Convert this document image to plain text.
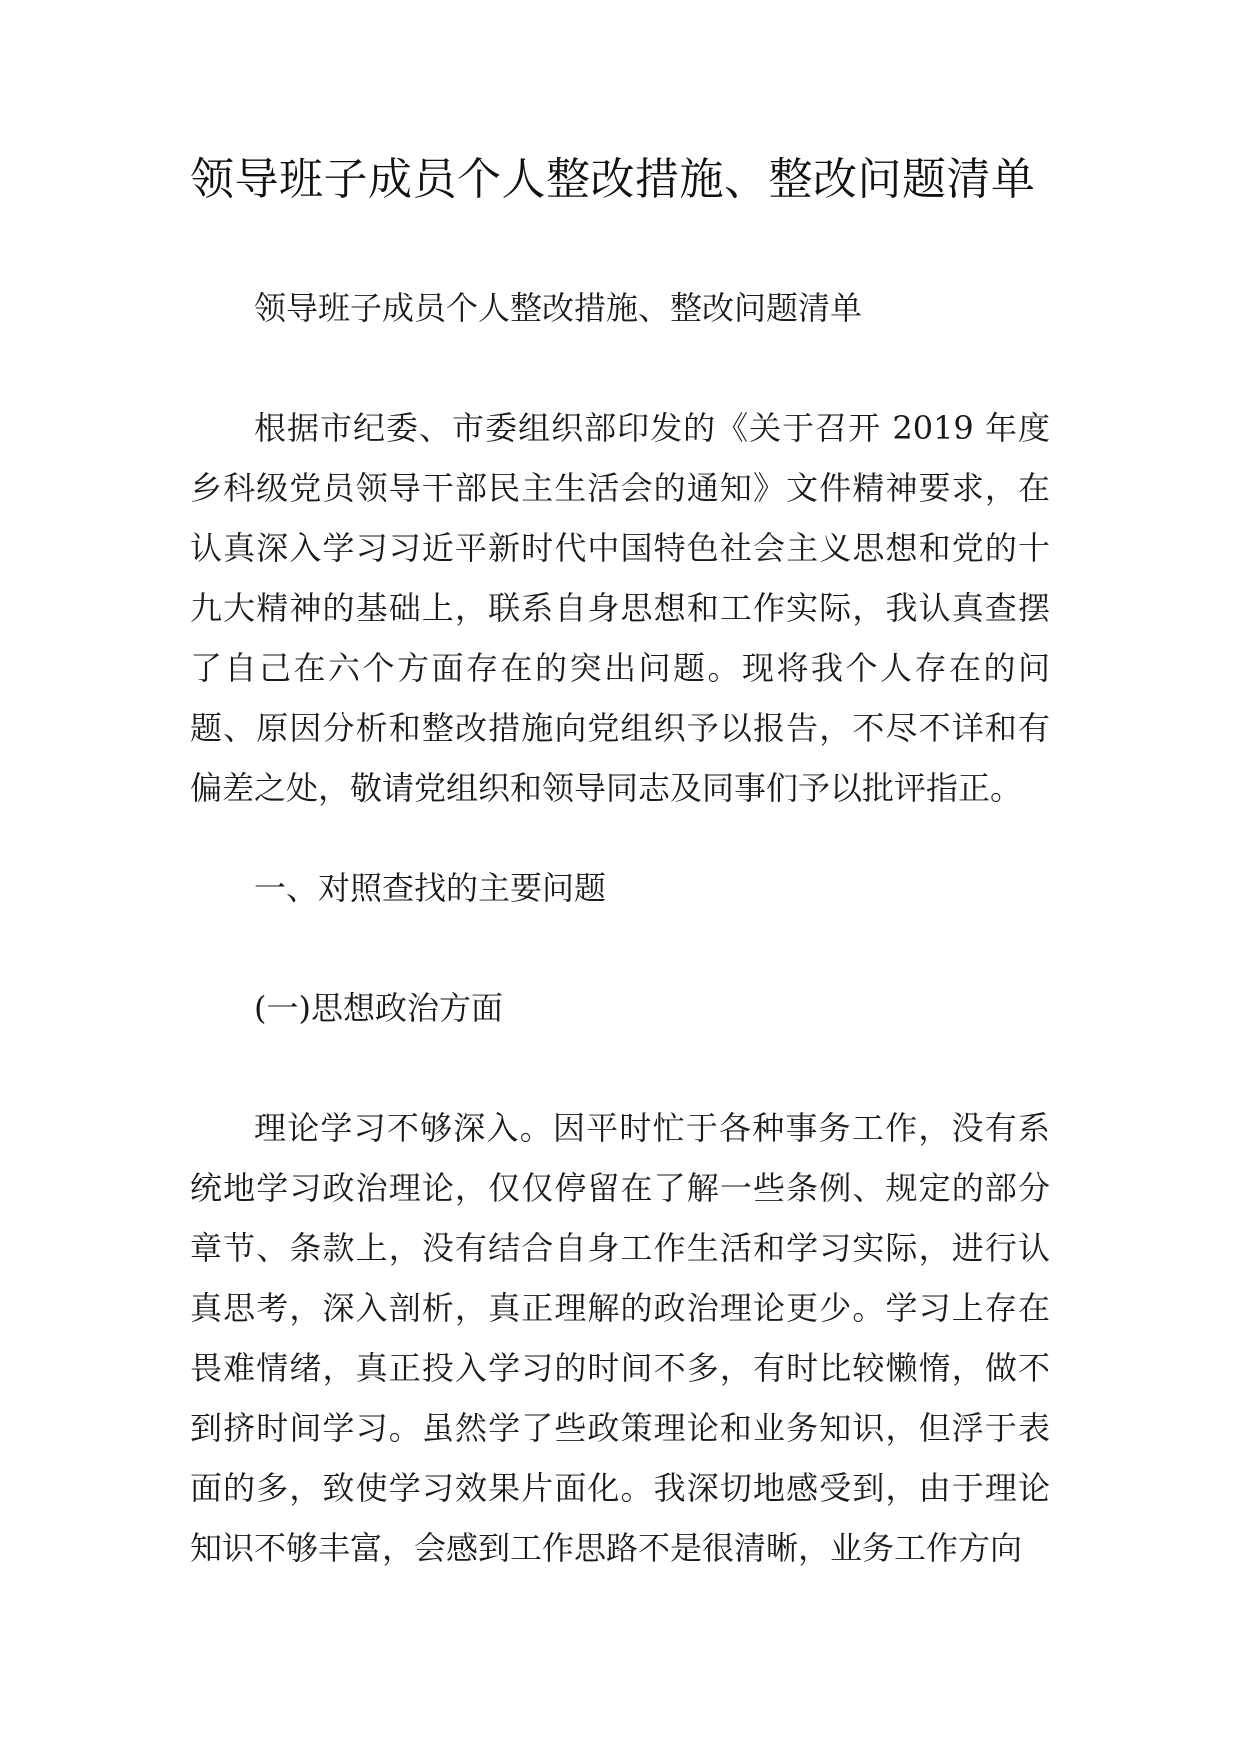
领导班子成员个人整改措施、整改问题清单

领导班子成员个人整改措施、整改问题清单

根据市纪委、市委组织部印发的《关于召开 2019 年度乡科级党员领导干部民主生活会的通知》文件精神要求，在认真深入学习习近平新时代中国特色社会主义思想和党的十九大精神的基础上，联系自身思想和工作实际，我认真查摆了自己在六个方面存在的突出问题。现将我个人存在的问题、原因分析和整改措施向党组织予以报告，不尽不详和有偏差之处，敬请党组织和领导同志及同事们予以批评指正。

一、对照查找的主要问题

(一)思想政治方面

理论学习不够深入。因平时忙于各种事务工作，没有系统地学习政治理论，仅仅停留在了解一些条例、规定的部分章节、条款上，没有结合自身工作生活和学习实际，进行认真思考，深入剖析，真正理解的政治理论更少。学习上存在畏难情绪，真正投入学习的时间不多，有时比较懒惰，做不到挤时间学习。虽然学了些政策理论和业务知识，但浮于表面的多，致使学习效果片面化。我深切地感受到，由于理论知识不够丰富，会感到工作思路不是很清晰，业务工作方向
